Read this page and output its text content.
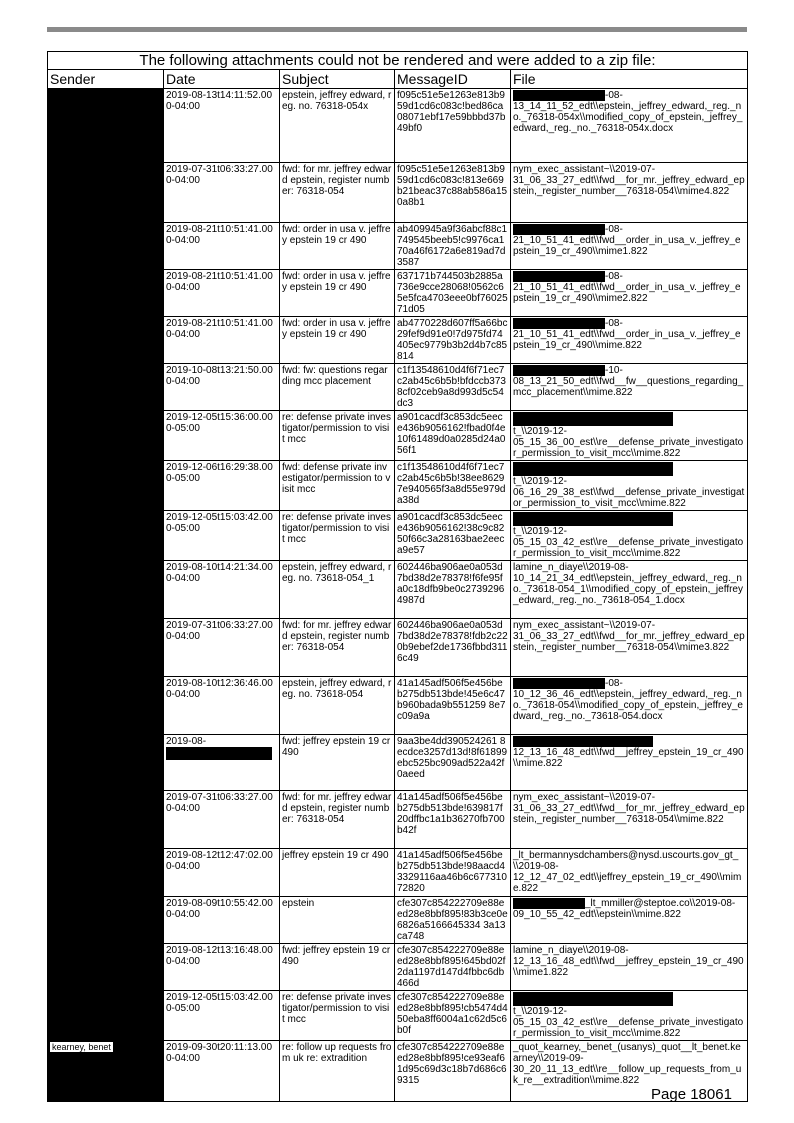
The following attachments could not be rendered and were added to a zip file:				
Sender	Date	Subject	MessageID	File
	2019-08-13t14:11:52.000-04:00	epstein, jeffrey edward, reg. no. 76318-054x	f095c51e5e1263e813b959d1cd6c083c!bed86ca08071ebf17e59bbbd37b49bf0	-08-
13_14_11_52_edt\\epstein,_jeffrey_edward,_reg._no._76318-054x\\modified_copy_of_epstein,_jeffrey_edward,_reg._no._76318-054x.docx
	2019-07-31t06:33:27.000-04:00	fwd: for mr. jeffrey edward epstein, register number: 76318-054	f095c51e5e1263e813b959d1cd6c083c!813e669b21beac37c88ab586a150a8b1	nym_exec_assistant~\\2019-07-
31_06_33_27_edt\\fwd__for_mr._jeffrey_edward_epstein,_register_number__76318-054\\mime4.822
	2019-08-21t10:51:41.000-04:00	fwd: order in usa v. jeffrey epstein 19 cr 490	ab409945a9f36abcf88c1749545beeb5!c9976ca170a46f6172a6e819ad7d3587	-08-
21_10_51_41_edt\\fwd__order_in_usa_v._jeffrey_epstein_19_cr_490\\mime1.822
	2019-08-21t10:51:41.000-04:00	fwd: order in usa v. jeffrey epstein 19 cr 490	637171b744503b2885a736e9cce28068!0562c65e5fca4703eee0bf7602571d05	-08-
21_10_51_41_edt\\fwd__order_in_usa_v._jeffrey_epstein_19_cr_490\\mime2.822
	2019-08-21t10:51:41.000-04:00	fwd: order in usa v. jeffrey epstein 19 cr 490	ab4770228d607ff5a66bc29fef9d91e0!7d975fd74405ec9779b3b2d4b7c85814	-08-
21_10_51_41_edt\\fwd__order_in_usa_v._jeffrey_epstein_19_cr_490\\mime.822
	2019-10-08t13:21:50.000-04:00	fwd: fw: questions regarding mcc placement	c1f13548610d4f6f71ec7c2ab45c6b5b!bfdccb3738cf02ceb9a8d993d5c54dc3	-10-
08_13_21_50_edt\\fwd__fw__questions_regarding_mcc_placement\\mime.822
	2019-12-05t15:36:00.000-05:00	re: defense private investigator/permission to visit mcc	a901cacdf3c853dc5eece436b9056162!fbad0f4e10f61489d0a0285d24a056f1	t_\\2019-12-
05_15_36_00_est\\re__defense_private_investigator_permission_to_visit_mcc\\mime.822
	2019-12-06t16:29:38.000-05:00	fwd: defense private investigator/permission to visit mcc	c1f13548610d4f6f71ec7c2ab45c6b5b!38ee86297e940565f3a8d55e979da38d	t_\\2019-12-
06_16_29_38_est\\fwd__defense_private_investigator_permission_to_visit_mcc\\mime.822
	2019-12-05t15:03:42.000-05:00	re: defense private investigator/permission to visit mcc	a901cacdf3c853dc5eece436b9056162!38c9c8250f66c3a28163bae2eeca9e57	t_\\2019-12-
05_15_03_42_est\\re__defense_private_investigator_permission_to_visit_mcc\\mime.822
	2019-08-10t14:21:34.000-04:00	epstein, jeffrey edward, reg. no. 73618-054_1	602446ba906ae0a053d7bd38d2e78378!f6fe95fa0c18dfb9be0c27392964987d	lamine_n_diaye\\2019-08-
10_14_21_34_edt\\epstein,_jeffrey_edward,_reg._no._73618-054_1\\modified_copy_of_epstein,_jeffrey_edward,_reg._no._73618-054_1.docx
	2019-07-31t06:33:27.000-04:00	fwd: for mr. jeffrey edward epstein, register number: 76318-054	602446ba906ae0a053d7bd38d2e78378!fdb2c220b9ebef2de1736fbbd3116c49	nym_exec_assistant~\\2019-07-
31_06_33_27_edt\\fwd__for_mr._jeffrey_edward_epstein,_register_number__76318-054\\mime3.822
	2019-08-10t12:36:46.000-04:00	epstein, jeffrey edward, reg. no. 73618-054	41a145adf506f5e456beb275db513bde!45e6c47b960bada9b551259 8e7c09a9a	-08-
10_12_36_46_edt\\epstein,_jeffrey_edward,_reg._no._73618-054\\modified_copy_of_epstein,_jeffrey_edward,_reg._no._73618-054.docx
	2019-08-	fwd: jeffrey epstein 19 cr 490	9aa3be4dd390524261 8ecdce3257d13d!8f61899ebc525bc909ad522a42f0aeed	12_13_16_48_edt\\fwd__jeffrey_epstein_19_cr_490\\mime.822
	2019-07-31t06:33:27.000-04:00	fwd: for mr. jeffrey edward epstein, register number: 76318-054	41a145adf506f5e456beb275db513bde!639817f20dffbc1a1b36270fb700b42f	nym_exec_assistant~\\2019-07-
31_06_33_27_edt\\fwd__for_mr._jeffrey_edward_epstein,_register_number__76318-054\\mime.822
	2019-08-12t12:47:02.000-04:00	jeffrey epstein 19 cr 490	41a145adf506f5e456beb275db513bde!98aacd43329116aa46b6c67731072820	_lt_bermannysdchambers@nysd.uscourts.gov_gt_\\2019-08-
12_12_47_02_edt\\jeffrey_epstein_19_cr_490\\mime.822
	2019-08-09t10:55:42.000-04:00	epstein	cfe307c854222709e88eed28e8bbf895!83b3ce0e6826a5166645334 3a13ca748	_lt_mmiller@steptoe.co\\2019-08-
09_10_55_42_edt\\epstein\\mime.822
	2019-08-12t13:16:48.000-04:00	fwd: jeffrey epstein 19 cr 490	cfe307c854222709e88eed28e8bbf895!645bd02f2da1197d147d4fbbc6db466d	lamine_n_diaye\\2019-08-
12_13_16_48_edt\\fwd__jeffrey_epstein_19_cr_490\\mime1.822
	2019-12-05t15:03:42.000-05:00	re: defense private investigator/permission to visit mcc	cfe307c854222709e88eed28e8bbf895!cb5474d450eba8ff6004a1c62d5c6b0f	t_\\2019-12-
05_15_03_42_est\\re__defense_private_investigator_permission_to_visit_mcc\\mime.822
kearney, benet	2019-09-30t20:11:13.000-04:00	re: follow up requests from uk re: extradition	cfe307c854222709e88eed28e8bbf895!ce93eaf61d95c69d3c18b7d686c69315	_quot_kearney,_benet_(usanys)_quot__lt_benet.kearney\\2019-09-
30_20_11_13_edt\\re__follow_up_requests_from_uk_re__extradition\\mime.822
Page 18061
